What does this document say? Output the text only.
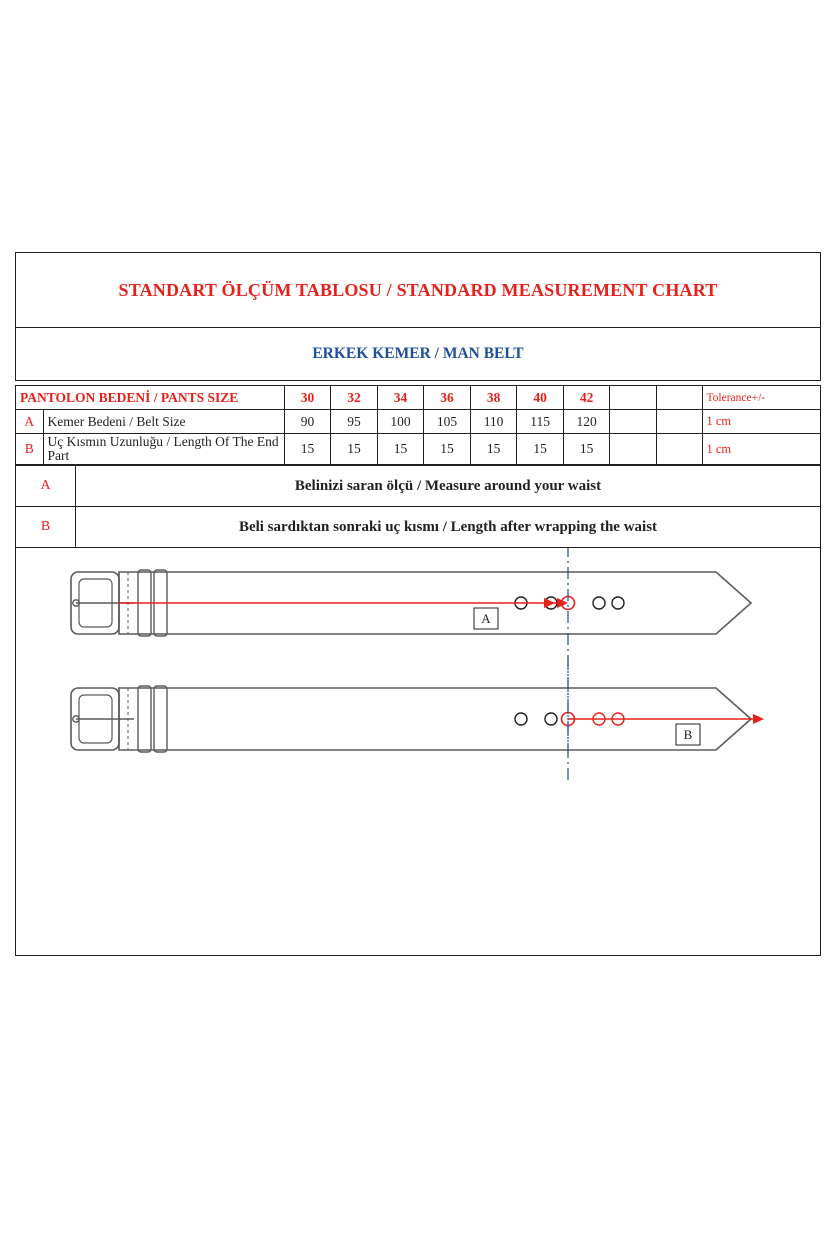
STANDART ÖLÇÜM TABLOSU / STANDARD MEASUREMENT CHART
ERKEK KEMER / MAN BELT
PANTOLON BEDENİ / PANTS SIZE		30	32	34	36	38	40	42			Tolerance+/-
A	Kemer Bedeni / Belt Size	90	95	100	105	110	115	120			1 cm
B	Uç Kısmın Uzunluğu / Length Of The End Part	15	15	15	15	15	15	15			1 cm
A	Belinizi saran ölçü / Measure around your waist
B	Beli sardıktan sonraki uç kısmı / Length after wrapping the waist
A
B
